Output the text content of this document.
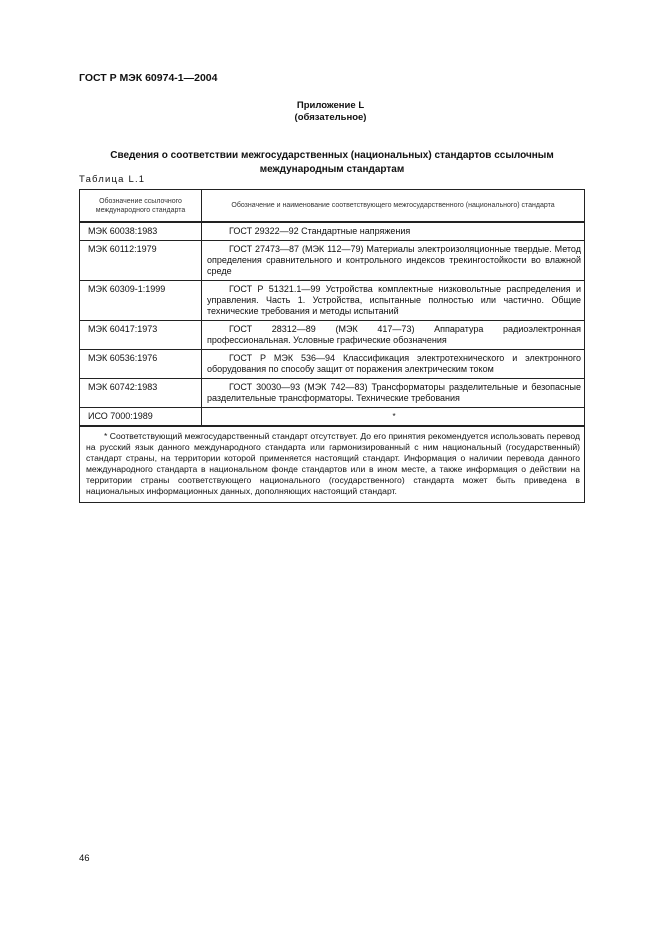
ГОСТ Р МЭК 60974-1—2004
Приложение L
(обязательное)
Сведения о соответствии межгосударственных (национальных) стандартов ссылочным международным стандартам
Таблица L.1
Обозначение ссылочного международного стандарта	Обозначение и наименование соответствующего межгосударственного (национального) стандарта
МЭК 60038:1983	ГОСТ 29322—92 Стандартные напряжения
МЭК 60112:1979	ГОСТ 27473—87 (МЭК 112—79) Материалы электроизоляционные твердые. Метод определения сравнительного и контрольного индексов трекингостойкости во влажной среде
МЭК 60309-1:1999	ГОСТ Р 51321.1—99 Устройства комплектные низковольтные распределения и управления. Часть 1. Устройства, испытанные полностью или частично. Общие технические требования и методы испытаний
МЭК 60417:1973	ГОСТ 28312—89 (МЭК 417—73) Аппаратура радиоэлектронная профессиональная. Условные графические обозначения
МЭК 60536:1976	ГОСТ Р МЭК 536—94 Классификация электротехнического и электронного оборудования по способу защит от поражения электрическим током
МЭК 60742:1983	ГОСТ 30030—93 (МЭК 742—83) Трансформаторы разделительные и безопасные разделительные трансформаторы. Технические требования
ИСО 7000:1989	*
* Соответствующий межгосударственный стандарт отсутствует. До его принятия рекомендуется использовать перевод на русский язык данного международного стандарта или гармонизированный с ним национальный (государственный) стандарт страны, на территории которой применяется настоящий стандарт. Информация о наличии перевода данного международного стандарта в национальном фонде стандартов или в ином месте, а также информация о действии на территории страны соответствующего национального (государственного) стандарта может быть приведена в национальных информационных данных, дополняющих настоящий стандарт.	
46
